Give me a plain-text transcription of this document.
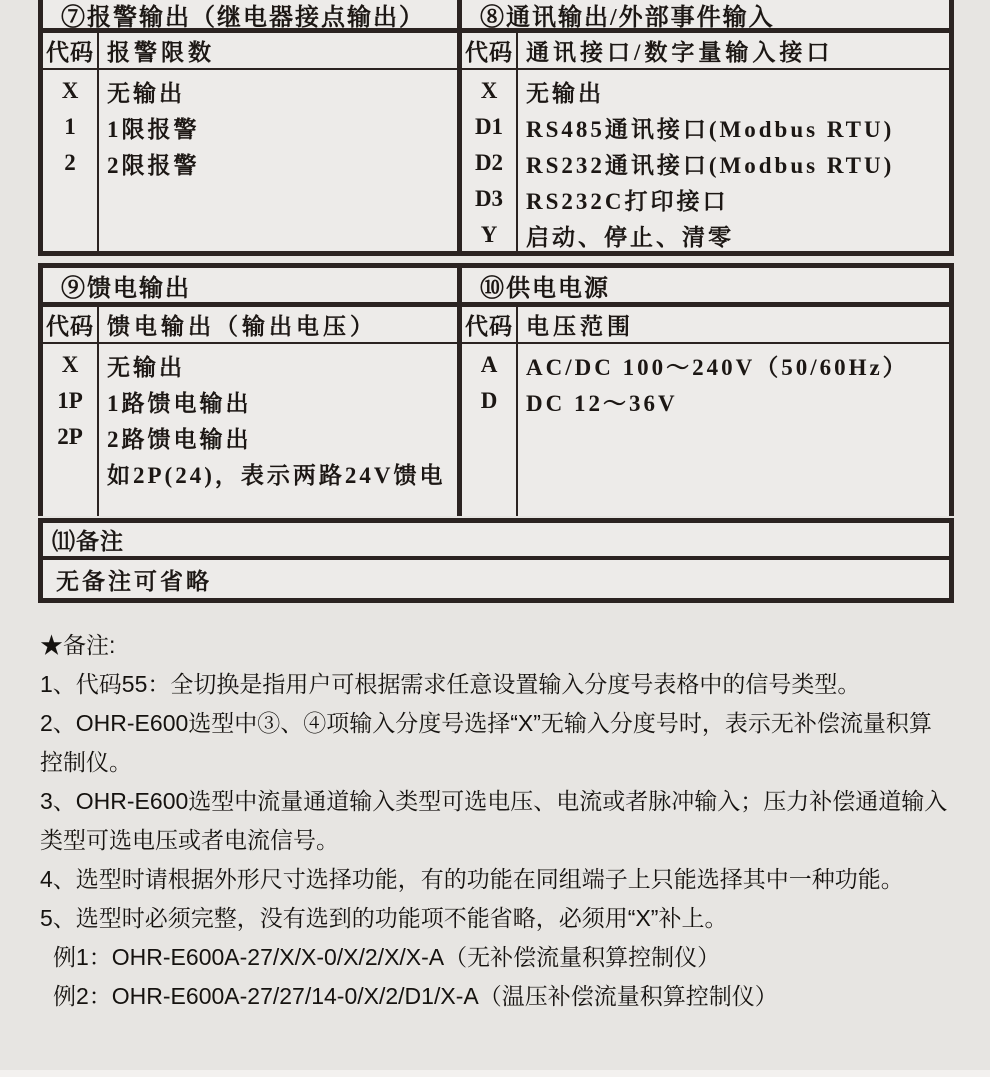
⑦报警输出（继电器接点输出）
代码 报警限数
X
1
2
无输出
1限报警
2限报警
⑧通讯输出/外部事件输入
代码 通讯接口/数字量输入接口
X
D1
D2
D3
Y
无输出
RS485通讯接口(Modbus RTU)
RS232通讯接口(Modbus RTU)
RS232C打印接口
启动、停止、清零
⑨馈电输出
代码 馈电输出（输出电压）
X
1P
2P
无输出
1路馈电输出
2路馈电输出
如2P(24)，表示两路24V馈电
⑩供电电源
代码 电压范围
A
D
AC/DC 100～240V（50/60Hz）
DC 12～36V
⑾备注
无备注可省略

★备注:

1、代码55：全切换是指用户可根据需求任意设置输入分度号表格中的信号类型。

2、OHR-E600选型中③、④项输入分度号选择“X”无输入分度号时，表示无补偿流量积算控制仪。

3、OHR-E600选型中流量通道输入类型可选电压、电流或者脉冲输入；压力补偿通道输入类型可选电压或者电流信号。

4、选型时请根据外形尺寸选择功能，有的功能在同组端子上只能选择其中一种功能。

5、选型时必须完整，没有选到的功能项不能省略，必须用“X”补上。

例1：OHR-E600A-27/X/X-0/X/2/X/X-A（无补偿流量积算控制仪）

例2：OHR-E600A-27/27/14-0/X/2/D1/X-A（温压补偿流量积算控制仪）
